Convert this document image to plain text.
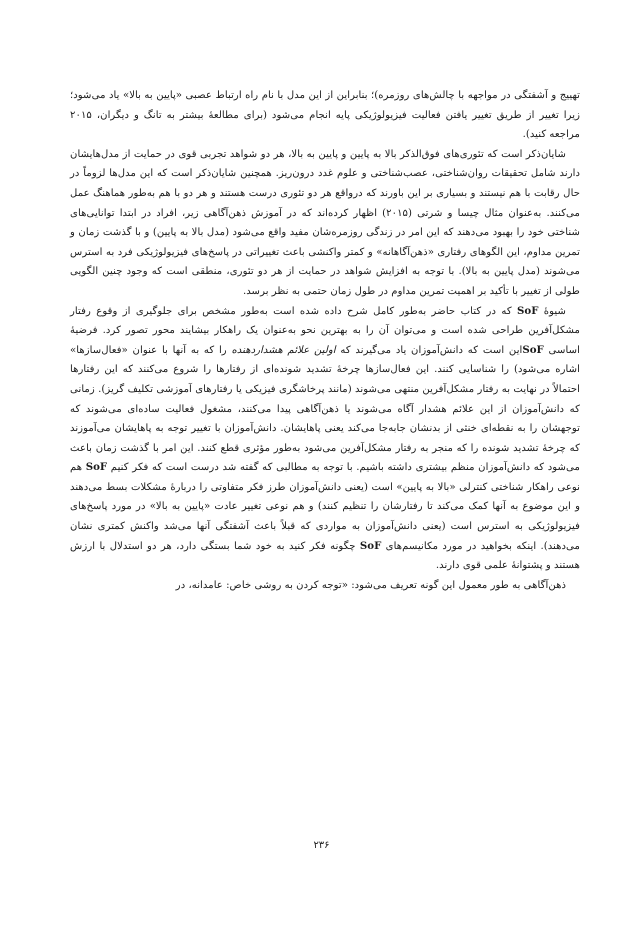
تهییج و آشفتگی در مواجهه با چالش‌های روزمره)؛ بنابراین از این مدل با نام راه ارتباط عصبی «پایین به بالا» یاد می‌شود؛ زیرا تغییر از طریق تغییر یافتن فعالیت فیزیولوژیکی پایه انجام می‌شود (برای مطالعهٔ بیشتر به تانگ و دیگران، ۲۰۱۵ مراجعه کنید).

شایان‌ذکر است که تئوری‌های فوق‌الذکر بالا به پایین و پایین به بالا، هر دو شواهد تجربی قوی در حمایت از مدل‌هایشان دارند شامل تحقیقات روان‌شناختی، عصب‌شناختی و علوم غدد درون‌ریز. همچنین شایان‌ذکر است که این مدل‌ها لزوماً در حال رقابت با هم نیستند و بسیاری بر این باورند که درواقع هر دو تئوری درست هستند و هر دو با هم به‌طور هماهنگ عمل می‌کنند. به‌عنوان مثال چیسا و شرتی (۲۰۱۵) اظهار کرده‌اند که در آموزش ذهن‌آگاهی زیر، افراد در ابتدا توانایی‌های شناختی خود را بهبود می‌دهند که این امر در زندگی روزمره‌شان مفید واقع می‌شود (مدل بالا به پایین) و با گذشت زمان و تمرین مداوم، این الگوهای رفتاری «ذهن‌آگاهانه» و کمتر واکنشی باعث تغییراتی در پاسخ‌های فیزیولوژیکی فرد به استرس می‌شوند (مدل پایین به بالا). با توجه به افزایش شواهد در حمایت از هر دو تئوری، منطقی است که وجود چنین الگویی طولی از تغییر با تأکید بر اهمیت تمرین مداوم در طول زمان حتمی به نظر برسد.

شیوهٔ SoF که در کتاب حاضر به‌طور کامل شرح داده شده است به‌طور مشخص برای جلوگیری از وقوع رفتار مشکل‌آفرین طراحی شده است و می‌توان آن را به بهترین نحو به‌عنوان یک راهکار بیشایند محور تصور کرد. فرضیهٔ اساسی SoFاین است که دانش‌آموزان یاد می‌گیرند که اولین علائم هشداردهنده را که به آنها با عنوان «فعال‌سازها» اشاره می‌شود) را شناسایی کنند. این فعال‌سازها چرخهٔ تشدید شونده‌ای از رفتارها را شروع می‌کنند که این رفتارها احتمالاً در نهایت به رفتار مشکل‌آفرین منتهی می‌شوند (مانند پرخاشگری فیزیکی یا رفتارهای آموزشی تکلیف گریز). زمانی که دانش‌آموزان از این علائم هشدار آگاه می‌شوند یا ذهن‌آگاهی پیدا می‌کنند، مشغول فعالیت ساده‌ای می‌شوند که توجهشان را به نقطه‌ای خنثی از بدنشان جابه‌جا می‌کند یعنی پاهایشان. دانش‌آموزان با تغییر توجه به پاهایشان می‌آموزند که چرخهٔ تشدید شونده را که منجر به رفتار مشکل‌آفرین می‌شود به‌طور مؤثری قطع کنند. این امر با گذشت زمان باعث می‌شود که دانش‌آموزان منظم بیشتری داشته باشیم. با توجه به مطالبی که گفته شد درست است که فکر کنیم SoF هم نوعی راهکار شناختی کنترلی «بالا به پایین» است (یعنی دانش‌آموزان طرز فکر متفاوتی را دربارهٔ مشکلات بسط می‌دهند و این موضوع به آنها کمک می‌کند تا رفتارشان را تنظیم کنند) و هم نوعی تغییر عادت «پایین به بالا» در مورد پاسخ‌های فیزیولوژیکی به استرس است (یعنی دانش‌آموزان به مواردی که قبلاً باعث آشفتگی آنها می‌شد واکنش کمتری نشان می‌دهند). اینکه بخواهید در مورد مکانیسم‌های SoF چگونه فکر کنید به خود شما بستگی دارد، هر دو استدلال با ارزش هستند و پشتوانهٔ علمی قوی دارند.

ذهن‌آگاهی به طور معمول این گونه تعریف می‌شود: «توجه کردن به روشی خاص: عامدانه، در

۲۳۶
